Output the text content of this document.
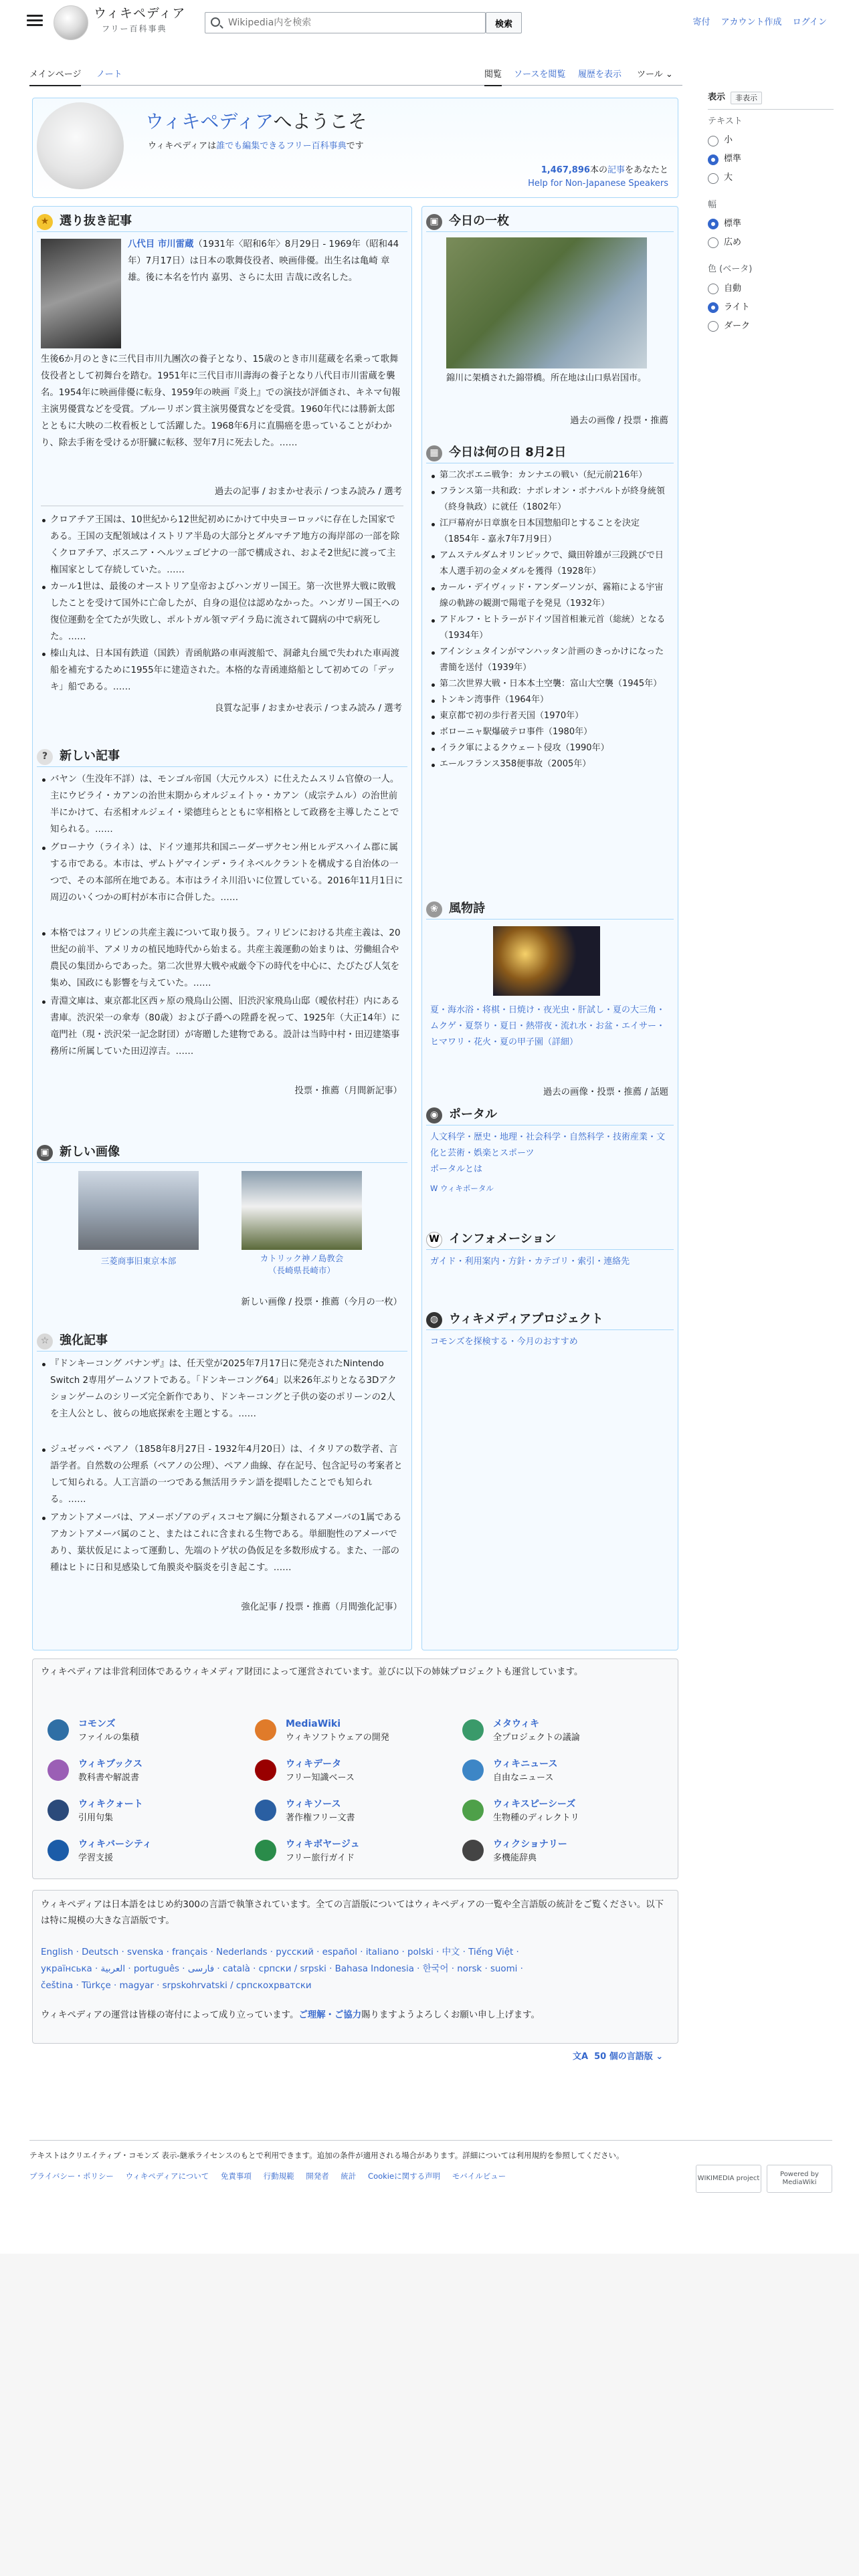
ウィキペディア
フリー百科事典
Wikipedia内を検索	検索	寄付 アカウント作成 ログイン
メインページ ノート	閲覧 ソースを閲覧 履歴を表示 ツール ⌄
表示	非表示
テキスト
小
標準
大
幅
標準
広め
色 (ベータ)
自動
ライト
ダーク
ウィキペディアへようこそ
ウィキペディアは誰でも編集できるフリー百科事典です
1,467,896本の記事をあなたと
Help for Non-Japanese Speakers
★ 選り抜き記事
八代目 市川雷蔵（1931年〈昭和6年〉8月29日 - 1969年（昭和44年）7月17日）は日本の歌舞伎役者、映画俳優。出生名は亀崎 章雄。後に本名を竹内 嘉男、さらに太田 吉哉に改名した。
生後6か月のときに三代目市川九團次の養子となり、15歳のとき市川莚蔵を名乗って歌舞伎役者として初舞台を踏む。1951年に三代目市川壽海の養子となり八代目市川雷蔵を襲名。1954年に映画俳優に転身、1959年の映画『炎上』での演技が評価され、キネマ旬報主演男優賞などを受賞。ブルーリボン賞主演男優賞などを受賞。1960年代には勝新太郎とともに大映の二枚看板として活躍した。1968年6月に直腸癌を患っていることがわかり、除去手術を受けるが肝臓に転移、翌年7月に死去した。……
過去の記事 / おまかせ表示 / つまみ読み / 選考
クロアチア王国は、10世紀から12世紀初めにかけて中央ヨーロッパに存在した国家である。王国の支配領域はイストリア半島の大部分とダルマチア地方の海岸部の一部を除くクロアチア、ボスニア・ヘルツェゴビナの一部で構成され、およそ2世紀に渡って主権国家として存続していた。……
カール1世は、最後のオーストリア皇帝およびハンガリー国王。第一次世界大戦に敗戦したことを受けて国外に亡命したが、自身の退位は認めなかった。ハンガリー国王への復位運動を全てたが失敗し、ポルトガル領マデイラ島に流されて闘病の中で病死した。……
榛山丸は、日本国有鉄道（国鉄）青函航路の車両渡船で、洞爺丸台風で失われた車両渡船を補充するために1955年に建造された。本格的な青函連絡船として初めての「デッキ」船である。……
良質な記事 / おまかせ表示 / つまみ読み / 選考
? 新しい記事
バヤン（生没年不詳）は、モンゴル帝国（大元ウルス）に仕えたムスリム官僚の一人。主にウビライ・カアンの治世末期からオルジェイトゥ・カアン（成宗テムル）の治世前半にかけて、右丞相オルジェイ・梁德珪らとともに宰相格として政務を主導したことで知られる。……
グローナウ（ライネ）は、ドイツ連邦共和国ニーダーザクセン州ヒルデスハイム郡に属する市である。本市は、ザムトゲマインデ・ライネベルクラントを構成する自治体の一つで、その本部所在地である。本市はライネ川沿いに位置している。2016年11月1日に周辺のいくつかの町村が本市に合併した。……
本格ではフィリピンの共産主義について取り扱う。フィリピンにおける共産主義は、20世紀の前半、アメリカの植民地時代から始まる。共産主義運動の始まりは、労働組合や農民の集団からであった。第二次世界大戦や戒厳令下の時代を中心に、たびたび人気を集め、国政にも影響を与えていた。……
青淵文庫は、東京都北区西ヶ原の飛鳥山公園、旧渋沢家飛鳥山邸（曖依村荘）内にある書庫。渋沢栄一の傘寿（80歳）および子爵への陞爵を祝って、1925年（大正14年）に竜門社（現・渋沢栄一記念財団）が寄贈した建物である。設計は当時中村・田辺建築事務所に所属していた田辺淳吉。……
投票・推薦（月間新記事）
▣ 新しい画像
三菱商事旧東京本部	カトリック神ノ島教会
（長崎県長崎市）
新しい画像 / 投票・推薦（今月の一枚）
☆ 強化記事
『ドンキーコング バナンザ』は、任天堂が2025年7月17日に発売されたNintendo Switch 2専用ゲームソフトである。「ドンキーコング64」以来26年ぶりとなる3Dアクションゲームのシリーズ完全新作であり、ドンキーコングと子供の姿のポリーンの2人を主人公とし、彼らの地底探索を主題とする。……
ジュゼッペ・ペアノ（1858年8月27日 - 1932年4月20日）は、イタリアの数学者、言語学者。自然数の公理系（ペアノの公理）、ペアノ曲線、存在記号、包含記号の考案者として知られる。人工言語の一つである無活用ラテン語を提唱したことでも知られる。……
アカントアメーバは、アメーボゾアのディスコセア綱に分類されるアメーバの1属であるアカントアメーバ属のこと、またはこれに含まれる生物である。単細胞性のアメーバであり、葉状仮足によって運動し、先端のトゲ状の偽仮足を多数形成する。また、一部の種はヒトに日和見感染して角膜炎や脳炎を引き起こす。……
強化記事 / 投票・推薦（月間強化記事）
▣ 今日の一枚
錦川に架橋された錦帯橋。所在地は山口県岩国市。
過去の画像 / 投票・推薦
▦ 今日は何の日 8月2日
第二次ポエニ戦争：カンナエの戦い（紀元前216年）
フランス第一共和政：ナポレオン・ボナパルトが終身統領（終身執政）に就任（1802年）
江戸幕府が日章旗を日本国惣船印とすることを決定（1854年 - 嘉永7年7月9日）
アムステルダムオリンピックで、織田幹雄が三段跳びで日本人選手初の金メダルを獲得（1928年）
カール・デイヴィッド・アンダーソンが、霧箱による宇宙線の軌跡の観測で陽電子を発見（1932年）
アドルフ・ヒトラーがドイツ国首相兼元首（総統）となる（1934年）
アインシュタインがマンハッタン計画のきっかけになった書簡を送付（1939年）
第二次世界大戦・日本本土空襲：富山大空襲（1945年）
トンキン湾事件（1964年）
東京都で初の歩行者天国（1970年）
ボローニャ駅爆破テロ事件（1980年）
イラク軍によるクウェート侵攻（1990年）
エールフランス358便事故（2005年）
❀ 風物詩
夏・海水浴・将棋・日焼け・夜光虫・肝試し・夏の大三角・ムクゲ・夏祭り・夏日・熱帯夜・流れ水・お盆・エイサー・ヒマワリ・花火・夏の甲子園（詳細）
過去の画像・投票・推薦 / 話題
◉ ポータル
人文科学・歴史・地理・社会科学・自然科学・技術産業・文化と芸術・娯楽とスポーツ
ポータルとは
W ウィキポータル
W インフォメーション
ガイド・利用案内・方針・カテゴリ・索引・連絡先
◍ ウィキメディアプロジェクト
コモンズを探検する・今月のおすすめ
ウィキペディアは非営利団体であるウィキメディア財団によって運営されています。並びに以下の姉妹プロジェクトも運営しています。
コモンズ
ファイルの集積
MediaWiki
ウィキソフトウェアの開発
メタウィキ
全プロジェクトの議論
ウィキブックス
教科書や解説書
ウィキデータ
フリー知識ベース
ウィキニュース
自由なニュース
ウィキクォート
引用句集
ウィキソース
著作権フリー文書
ウィキスピーシーズ
生物種のディレクトリ
ウィキバーシティ
学習支援
ウィキボヤージュ
フリー旅行ガイド
ウィクショナリー
多機能辞典
ウィキペディアは日本語をはじめ約300の言語で執筆されています。全ての言語版についてはウィキペディアの一覧や全言語版の統計をご覧ください。以下は特に規模の大きな言語版です。
English · Deutsch · svenska · français · Nederlands · русский · español · italiano · polski · 中文 · Tiếng Việt ·
українська · العربية · português · فارسی · català · српски / srpski · Bahasa Indonesia · 한국어 · norsk · suomi ·
čeština · Türkçe · magyar · srpskohrvatski / српскохрватски
ウィキペディアの運営は皆様の寄付によって成り立っています。ご理解・ご協力賜りますようよろしくお願い申し上げます。
文A 50 個の言語版 ⌄
テキストはクリエイティブ・コモンズ 表示-継承ライセンスのもとで利用できます。追加の条件が適用される場合があります。詳細については利用規約を参照してください。
プライバシー・ポリシー ウィキペディアについて 免責事項 行動規範 開発者 統計 Cookieに関する声明 モバイルビュー	WIKIMEDIA project
Powered by MediaWiki
